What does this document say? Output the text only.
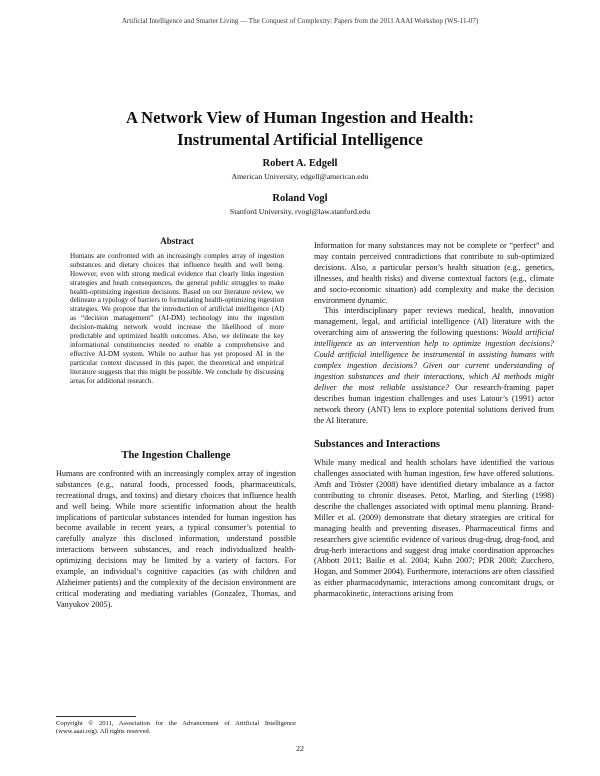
Artificial Intelligence and Smarter Living — The Conquest of Complexity: Papers from the 2011 AAAI Workshop (WS-11-07)
A Network View of Human Ingestion and Health:
Instrumental Artificial Intelligence
Robert A. Edgell
American University, edgell@american.edu
Roland Vogl
Stanford University, rvogl@law.stanford.edu
Abstract

Humans are confronted with an increasingly complex array of ingestion substances and dietary choices that influence health and well being. However, even with strong medical evidence that clearly links ingestion strategies and heath consequences, the general public struggles to make health-optimizing ingestion decisions. Based on our literature review, we delineate a typology of barriers to formulating health-optimizing ingestion strategies. We propose that the introduction of artificial intelligence (AI) as “decision management” (AI-DM) technology into the ingestion decision-making network would increase the likelihood of more predictable and optimized health outcomes. Also, we delineate the key informational constituencies needed to enable a comprehensive and effective AI-DM system. While no author has yet proposed AI in the particular context discussed in this paper, the theoretical and empirical literature suggests that this might be possible. We conclude by discussing areas for additional research.

The Ingestion Challenge

Humans are confronted with an increasingly complex array of ingestion substances (e.g., natural foods, processed foods, pharmaceuticals, recreational drugs, and toxins) and dietary choices that influence health and well being. While more scientific information about the health implications of particular substances intended for human ingestion has become available in recent years, a typical consumer’s potential to carefully analyze this disclosed information, understand possible interactions between substances, and reach individualized health-optimizing decisions may be limited by a variety of factors. For example, an individual’s cognitive capacities (as with children and Alzheimer patients) and the complexity of the decision environment are critical moderating and mediating variables (Gonzalez, Thomas, and Vanyukov 2005).

Information for many substances may not be complete or “perfect” and may contain perceived contradictions that contribute to sub-optimized decisions. Also, a particular person’s health situation (e.g., genetics, illnesses, and health risks) and diverse contextual factors (e.g., climate and socio-economic situation) add complexity and make the decision environment dynamic.

This interdisciplinary paper reviews medical, health, innovation management, legal, and artificial intelligence (AI) literature with the overarching aim of answering the following questions: Would artificial intelligence as an intervention help to optimize ingestion decisions? Could artificial intelligence be instrumental in assisting humans with complex ingestion decisions? Given our current understanding of ingestion substances and their interactions, which AI methods might deliver the most reliable assistance? Our research-framing paper describes human ingestion challenges and uses Latour’s (1991) actor network theory (ANT) lens to explore potential solutions derived from the AI literature.

Substances and Interactions

While many medical and health scholars have identified the various challenges associated with human ingestion, few have offered solutions. Amft and Tröster (2008) have identified dietary imbalance as a factor contributing to chronic diseases. Petot, Marling, and Sterling (1998) describe the challenges associated with optimal menu planning. Brand-Miller et al. (2009) demonstrate that dietary strategies are critical for managing health and preventing diseases. Pharmaceutical firms and researchers give scientific evidence of various drug-drug, drug-food, and drug-herb interactions and suggest drug intake coordination approaches (Abbott 2011; Bailie et al. 2004; Kuhn 2007; PDR 2008; Zucchero, Hogan, and Sommer 2004). Furthermore, interactions are often classified as either pharmacodynamic, interactions among concomitant drugs, or pharmacokinetic, interactions arising from

Copyright © 2011, Association for the Advancement of Artificial Intelligence (www.aaai.org). All rights reserved.
22
